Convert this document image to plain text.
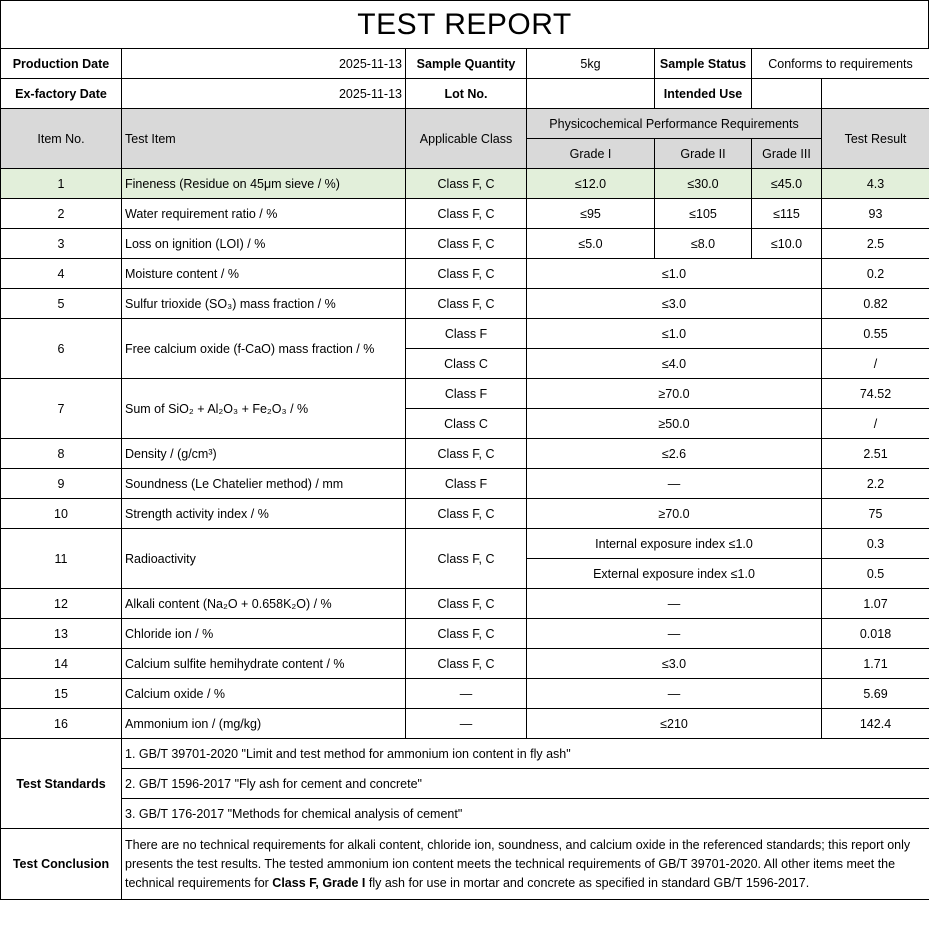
TEST REPORT
Production Date	2025-11-13	Sample Quantity	5kg	Sample Status	Conforms to requirements	
Ex-factory Date	2025-11-13	Lot No.		Intended Use		
Item No.	Test Item	Applicable Class	Physicochemical Performance Requirements			Test Result
			Grade I	Grade II	Grade III	
1	Fineness (Residue on 45μm sieve / %)	Class F, C	≤12.0	≤30.0	≤45.0	4.3
2	Water requirement ratio / %	Class F, C	≤95	≤105	≤115	93
3	Loss on ignition (LOI) / %	Class F, C	≤5.0	≤8.0	≤10.0	2.5
4	Moisture content / %	Class F, C	≤1.0			0.2
5	Sulfur trioxide (SO₃) mass fraction / %	Class F, C	≤3.0			0.82
6	Free calcium oxide (f-CaO) mass fraction / %	Class F	≤1.0			0.55
		Class C	≤4.0			/
7	Sum of SiO₂ + Al₂O₃ + Fe₂O₃ / %	Class F	≥70.0			74.52
		Class C	≥50.0			/
8	Density / (g/cm³)	Class F, C	≤2.6			2.51
9	Soundness (Le Chatelier method) / mm	Class F	—			2.2
10	Strength activity index / %	Class F, C	≥70.0			75
11	Radioactivity	Class F, C	Internal exposure index ≤1.0			0.3
			External exposure index ≤1.0			0.5
12	Alkali content (Na₂O + 0.658K₂O) / %	Class F, C	—			1.07
13	Chloride ion / %	Class F, C	—			0.018
14	Calcium sulfite hemihydrate content / %	Class F, C	≤3.0			1.71
15	Calcium oxide / %	—	—			5.69
16	Ammonium ion / (mg/kg)	—	≤210			142.4
Test Standards	1. GB/T 39701-2020 "Limit and test method for ammonium ion content in fly ash"					
	2. GB/T 1596-2017 "Fly ash for cement and concrete"					
	3. GB/T 176-2017 "Methods for chemical analysis of cement"					
Test Conclusion	There are no technical requirements for alkali content, chloride ion, soundness, and calcium oxide in the referenced standards; this report only presents the test results. The tested ammonium ion content meets the technical requirements of GB/T 39701-2020. All other items meet the technical requirements for Class F, Grade I fly ash for use in mortar and concrete as specified in standard GB/T 1596-2017.					
